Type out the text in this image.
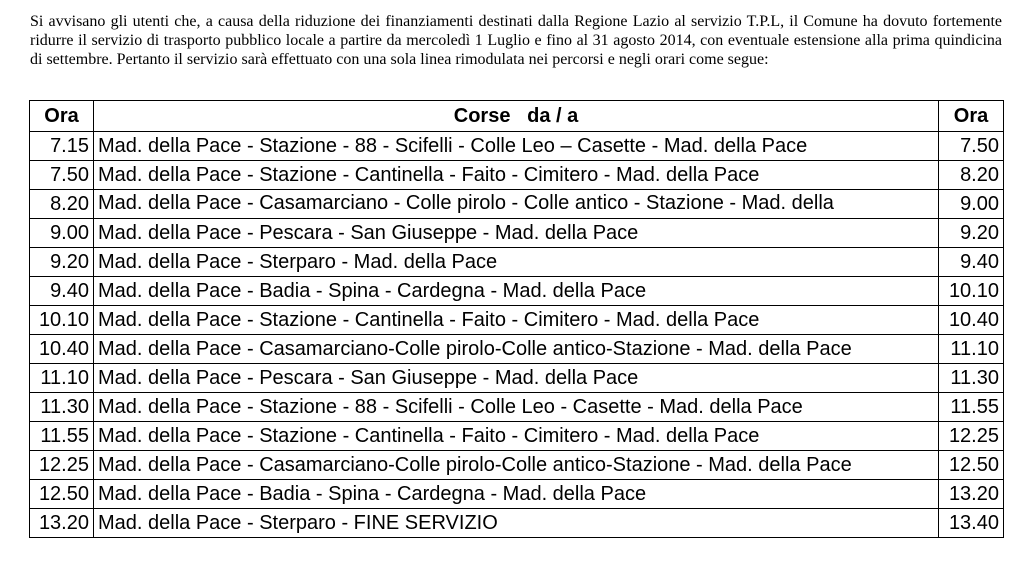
Si avvisano gli utenti che, a causa della riduzione dei finanziamenti destinati dalla Regione Lazio al servizio T.P.L, il Comune ha dovuto fortemente ridurre il servizio di trasporto pubblico locale a partire da mercoledì 1 Luglio e fino al 31 agosto 2014, con eventuale estensione alla prima quindicina di settembre. Pertanto il servizio sarà effettuato con una sola linea rimodulata nei percorsi e negli orari come segue:

Ora	Corse   da / a	Ora
7.15	Mad. della Pace - Stazione - 88 - Scifelli - Colle Leo – Casette - Mad. della Pace	7.50
7.50	Mad. della Pace - Stazione - Cantinella - Faito - Cimitero - Mad. della Pace	8.20
8.20	Mad. della Pace - Casamarciano - Colle pirolo - Colle antico - Stazione - Mad. della	9.00
9.00	Mad. della Pace - Pescara - San Giuseppe - Mad. della Pace	9.20
9.20	Mad. della Pace - Sterparo - Mad. della Pace	9.40
9.40	Mad. della Pace - Badia - Spina - Cardegna - Mad. della Pace	10.10
10.10	Mad. della Pace - Stazione - Cantinella - Faito - Cimitero - Mad. della Pace	10.40
10.40	Mad. della Pace - Casamarciano-Colle pirolo-Colle antico-Stazione - Mad. della Pace	11.10
11.10	Mad. della Pace - Pescara - San Giuseppe - Mad. della Pace	11.30
11.30	Mad. della Pace - Stazione - 88 - Scifelli - Colle Leo - Casette - Mad. della Pace	11.55
11.55	Mad. della Pace - Stazione - Cantinella - Faito - Cimitero - Mad. della Pace	12.25
12.25	Mad. della Pace - Casamarciano-Colle pirolo-Colle antico-Stazione - Mad. della Pace	12.50
12.50	Mad. della Pace - Badia - Spina - Cardegna - Mad. della Pace	13.20
13.20	Mad. della Pace - Sterparo - FINE SERVIZIO	13.40
